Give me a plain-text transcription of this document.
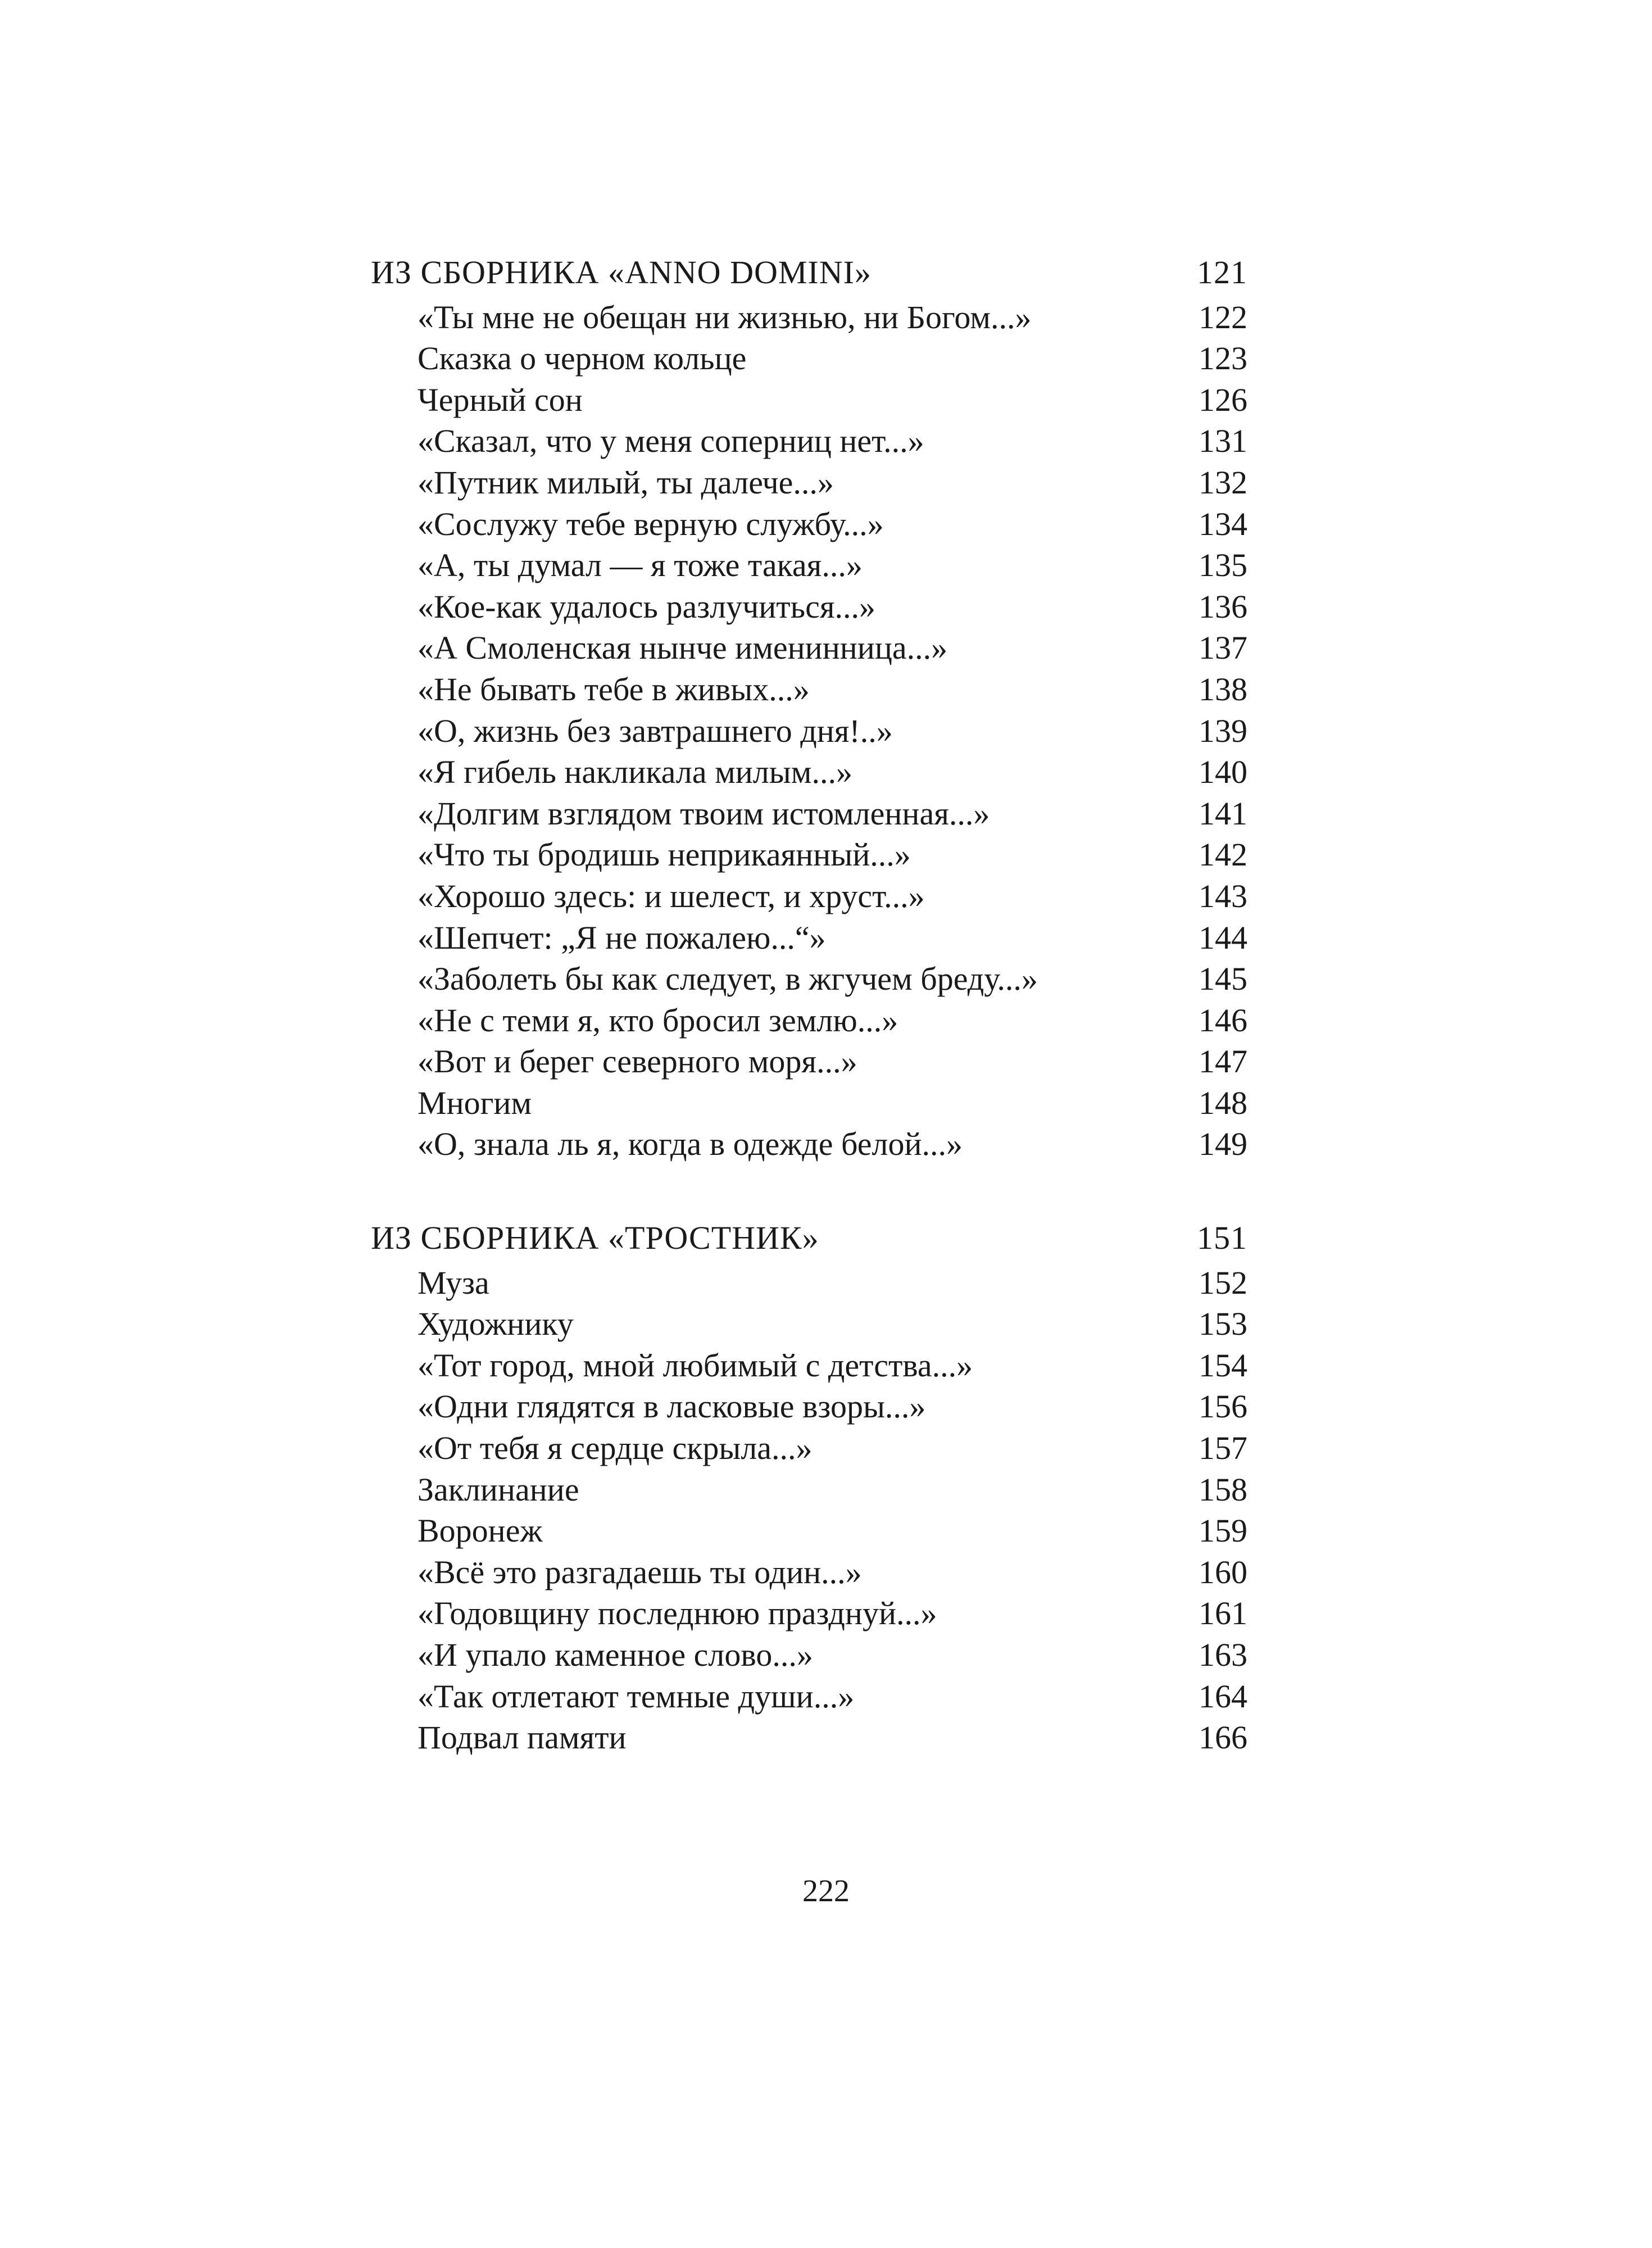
ИЗ СБОРНИКА «ANNO DOMINI» . . .	121
«Ты мне не обещан ни жизнью, ни Богом...» . . .	122
Сказка о черном кольце . . .	123
Черный сон . . .	126
«Сказал, что у меня соперниц нет...» . . .	131
«Путник милый, ты далече...» . . .	132
«Сослужу тебе верную службу...» . . .	134
«А, ты думал — я тоже такая...» . . .	135
«Кое-как удалось разлучиться...» . . .	136
«А Смоленская нынче именинница...» . . .	137
«Не бывать тебе в живых...» . . .	138
«О, жизнь без завтрашнего дня!..» . . .	139
«Я гибель накликала милым...» . . .	140
«Долгим взглядом твоим истомленная...» . . .	141
«Что ты бродишь неприкаянный...» . . .	142
«Хорошо здесь: и шелест, и хруст...» . . .	143
«Шепчет: „Я не пожалею...“» . . .	144
«Заболеть бы как следует, в жгучем бреду...» . . .	145
«Не с теми я, кто бросил землю...» . . .	146
«Вот и берег северного моря...» . . .	147
Многим . . .	148
«О, знала ль я, когда в одежде белой...» . . .	149
ИЗ СБОРНИКА «ТРОСТНИК» . . .	151
Муза . . .	152
Художнику . . .	153
«Тот город, мной любимый с детства...» . . .	154
«Одни глядятся в ласковые взоры...» . . .	156
«От тебя я сердце скрыла...» . . .	157
Заклинание . . .	158
Воронеж . . .	159
«Всё это разгадаешь ты один...» . . .	160
«Годовщину последнюю празднуй...» . . .	161
«И упало каменное слово...» . . .	163
«Так отлетают темные души...» . . .	164
Подвал памяти . . .	166
222
